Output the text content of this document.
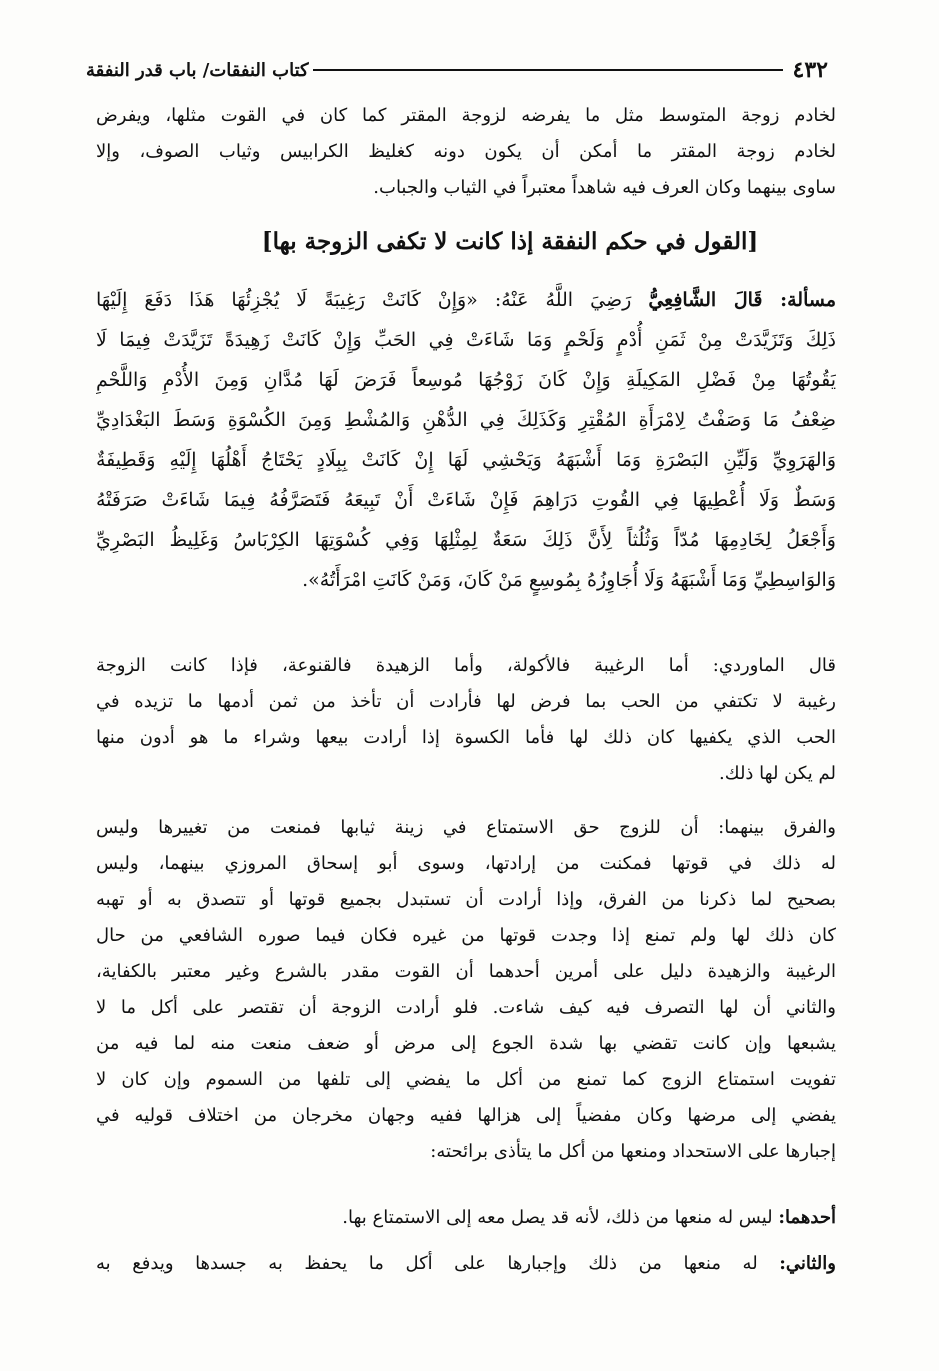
٤٣٢
كتاب النفقات/ باب قدر النفقة
لخادم زوجة المتوسط مثل ما يفرضه لزوجة المقتر كما كان في القوت مثلها، ويفرض
لخادم زوجة المقتر ما أمكن أن يكون دونه كغليظ الكرابيس وثياب الصوف، وإلا
ساوى بينهما وكان العرف فيه شاهداً معتبراً في الثياب والجباب.
[القول في حكم النفقة إذا كانت لا تكفى الزوجة بها]
مسألة: قَالَ الشَّافِعِيُّ رَضِيَ اللَّهُ عَنْهُ: «وَإِنْ كَانَتْ رَغِيبَةً لَا يُجْزِئُهَا هَذَا دَفَعَ إِلَيْهَا
ذَلِكَ وَتَزَيَّدَتْ مِنْ ثَمَنِ أُدْمٍ وَلَحْمٍ وَمَا شَاءَتْ فِي الحَبِّ وَإِنْ كَانَتْ زَهِيدَةً تَزَيَّدَتْ فِيمَا لَا
يَقُوتُهَا مِنْ فَضْلِ المَكِيلَةِ وَإِنْ كَانَ زَوْجُهَا مُوسِعاً فَرَضَ لَهَا مُدَّانِ وَمِنَ الأُدْمِ وَاللَّحْمِ
ضِعْفُ مَا وَصَفْتُ لِامْرَأَةِ المُقْتِرِ وَكَذَلِكَ فِي الدُّهْنِ وَالمُشْطِ وَمِنَ الكُسْوَةِ وَسَطَ البَغْدَادِيِّ
وَالهَرَوِيِّ وَلَيِّنِ البَصْرَةِ وَمَا أَشْبَهَهُ وَيَحْشِي لَهَا إِنْ كَانَتْ بِبِلَادٍ يَحْتَاجُ أَهْلُهَا إِلَيْهِ وَقَطِيفَةٌ
وَسَطٌ وَلَا أُعْطِيهَا فِي القُوتِ دَرَاهِمَ فَإِنْ شَاءَتْ أَنْ تَبِيعَهُ فَتَصَرَّفُهُ فِيمَا شَاءَتْ صَرَفَتْهُ
وَأَجْعَلُ لِخَادِمِهَا مُدّاً وَثُلُثاً لِأَنَّ ذَلِكَ سَعَةٌ لِمِثْلِهَا وَفِي كُسْوَتِهَا الكِرْبَاسُ وَغَلِيظُ البَصْرِيِّ
وَالوَاسِطِيِّ وَمَا أَشْبَهَهُ وَلَا أُجَاوِزُهُ بِمُوسِعٍ مَنْ كَانَ، وَمَنْ كَانَتِ امْرَأَتُهُ».
قال الماوردي: أما الرغيبة فالأكولة، وأما الزهيدة فالقنوعة، فإذا كانت الزوجة
رغيبة لا تكتفي من الحب بما فرض لها فأرادت أن تأخذ من ثمن أدمها ما تزيده في
الحب الذي يكفيها كان ذلك لها فأما الكسوة إذا أرادت بيعها وشراء ما هو أدون منها
لم يكن لها ذلك.
والفرق بينهما: أن للزوج حق الاستمتاع في زينة ثيابها فمنعت من تغييرها وليس
له ذلك في قوتها فمكنت من إرادتها، وسوى أبو إسحاق المروزي بينهما، وليس
بصحيح لما ذكرنا من الفرق، وإذا أرادت أن تستبدل بجميع قوتها أو تتصدق به أو تهبه
كان ذلك لها ولم تمنع إذا وجدت قوتها من غيره فكان فيما صوره الشافعي من حال
الرغيبة والزهيدة دليل على أمرين أحدهما أن القوت مقدر بالشرع وغير معتبر بالكفاية،
والثاني أن لها التصرف فيه كيف شاءت. فلو أرادت الزوجة أن تقتصر على أكل ما لا
يشبعها وإن كانت تقضي بها شدة الجوع إلى مرض أو ضعف منعت منه لما فيه من
تفويت استمتاع الزوج كما تمنع من أكل ما يفضي إلى تلفها من السموم وإن كان لا
يفضي إلى مرضها وكان مفضياً إلى هزالها ففيه وجهان مخرجان من اختلاف قوليه في
إجبارها على الاستحداد ومنعها من أكل ما يتأذى برائحته:
أحدهما: ليس له منعها من ذلك، لأنه قد يصل معه إلى الاستمتاع بها.
والثاني: له منعها من ذلك وإجبارها على أكل ما يحفظ به جسدها ويدفع به
